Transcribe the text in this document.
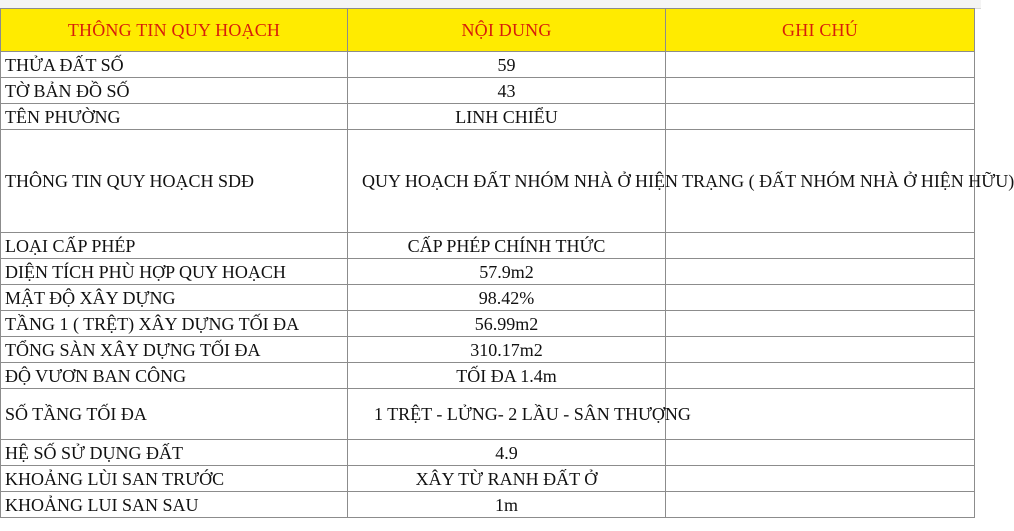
THÔNG TIN QUY HOẠCH	NỘI DUNG	GHI CHÚ
THỬA ĐẤT SỐ	59	
TỜ BẢN ĐỒ SỐ	43	
TÊN PHƯỜNG	LINH CHIỂU	
THÔNG TIN QUY HOẠCH SDĐ	QUY HOẠCH ĐẤT NHÓM NHÀ Ở HIỆN TRẠNG ( ĐẤT NHÓM NHÀ Ở HIỆN HỮU)	
LOẠI CẤP PHÉP	CẤP PHÉP CHÍNH THỨC	
DIỆN TÍCH PHÙ HỢP QUY HOẠCH	57.9m2	
MẬT ĐỘ XÂY DỰNG	98.42%	
TẦNG 1 ( TRỆT) XÂY DỰNG TỐI ĐA	56.99m2	
TỔNG SÀN XÂY DỰNG TỐI ĐA	310.17m2	
ĐỘ VƯƠN BAN CÔNG	TỐI ĐA 1.4m	
SỐ TẦNG TỐI ĐA	1 TRỆT - LỬNG- 2 LẦU - SÂN THƯỢNG	
HỆ SỐ SỬ DỤNG ĐẤT	4.9	
KHOẢNG LÙI SAN TRƯỚC	XÂY TỪ RANH ĐẤT Ở	
KHOẢNG LUI SAN SAU	1m	
